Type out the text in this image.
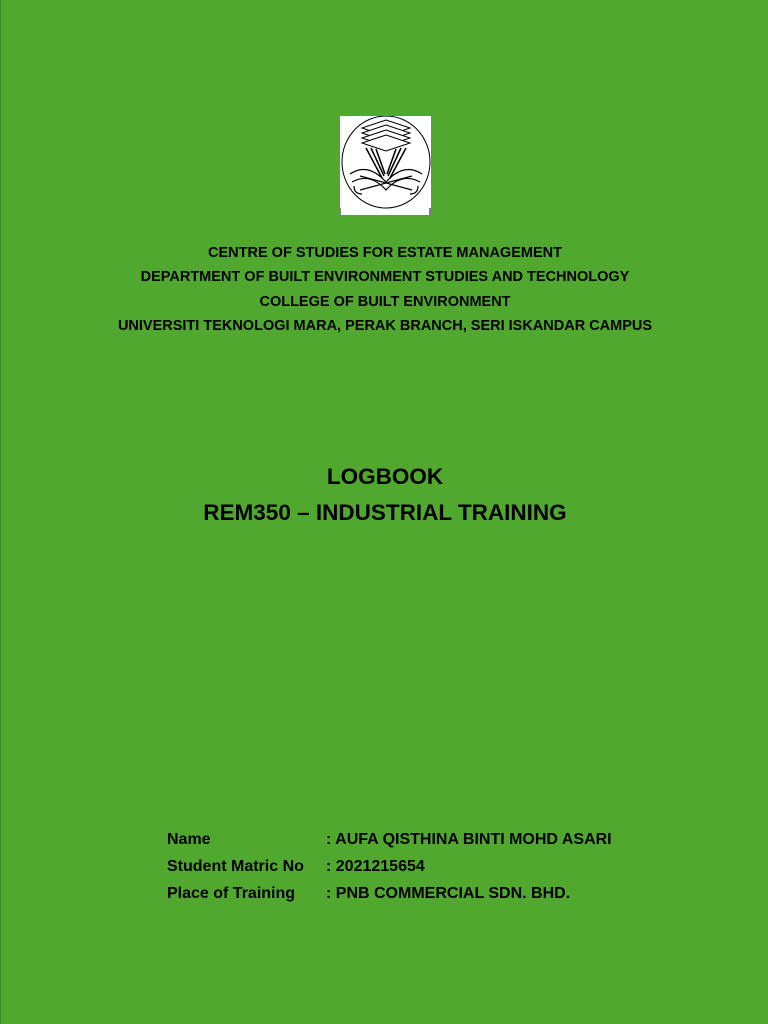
CENTRE OF STUDIES FOR ESTATE MANAGEMENT
DEPARTMENT OF BUILT ENVIRONMENT STUDIES AND TECHNOLOGY
COLLEGE OF BUILT ENVIRONMENT
UNIVERSITI TEKNOLOGI MARA, PERAK BRANCH, SERI ISKANDAR CAMPUS
LOGBOOK
REM350 – INDUSTRIAL TRAINING
Name	: AUFA QISTHINA BINTI MOHD ASARI
Student Matric No	: 2021215654
Place of Training	: PNB COMMERCIAL SDN. BHD.
